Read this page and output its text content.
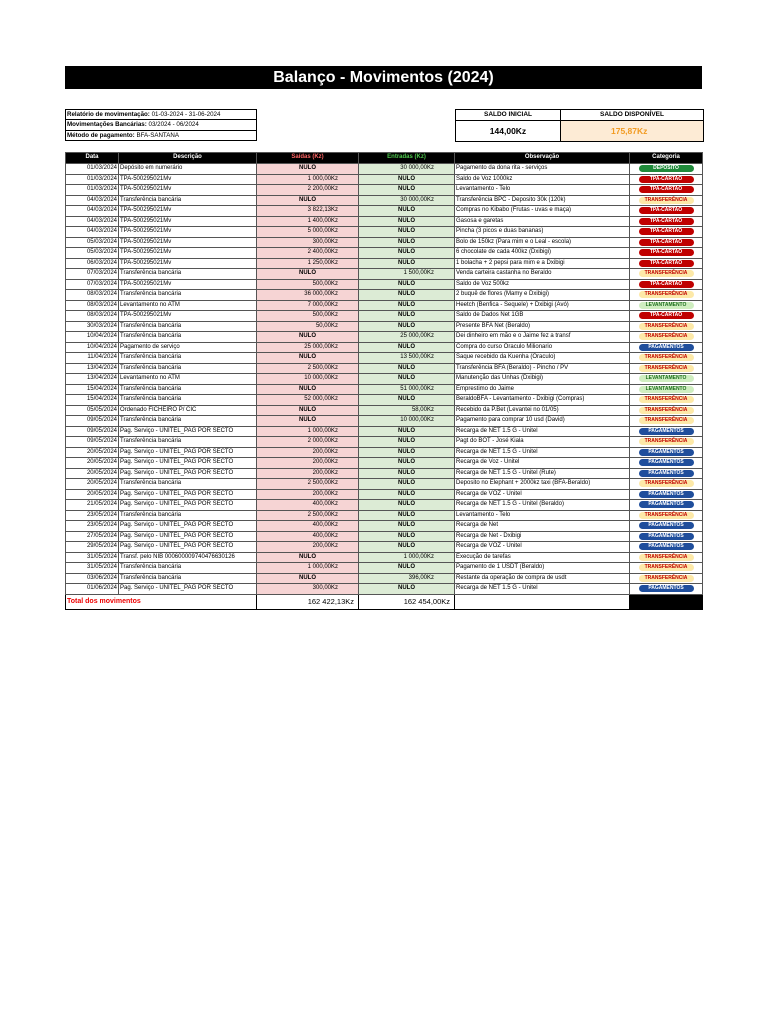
Balanço - Movimentos (2024)
Relatório de movimentação: 01-03-2024 - 31-06-2024
Movimentações Bancárias: 03/2024 - 06/2024
Método de pagamento: BFA-SANTANA
SALDO INICIAL	SALDO DISPONÍVEL
144,00Kz	175,87Kz
Data	Descrição	Saídas (Kz)	Entradas (Kz)	Observação	Categoria
01/03/2024	Depósito em numerário	NULO	30 000,00Kz	Pagamento da dona rita - serviços	DEPOSITO
01/03/2024	TPA-500295021Mv	1 000,00Kz	NULO	Saldo de Voz 1000kz	TPA-CARTAO
01/03/2024	TPA-500295021Mv	2 200,00Kz	NULO	Levantamento - Telo	TPA-CARTAO
04/03/2024	Transferência bancária	NULO	30 000,00Kz	Transferência BPC - Deposito 30k (120k)	TRANSFERÊNCIA
04/03/2024	TPA-500295021Mv	3 822,13Kz	NULO	Compras no Kibabo (Frutas - uvas e maça)	TPA-CARTAO
04/03/2024	TPA-500295021Mv	1 400,00Kz	NULO	Gasosa e garetas	TPA-CARTAO
04/03/2024	TPA-500295021Mv	5 000,00Kz	NULO	Pincha (3 picos e duas bananas)	TPA-CARTAO
05/03/2024	TPA-500295021Mv	300,00Kz	NULO	Bolo de 150kz (Para mim e o Leal - escola)	TPA-CARTAO
05/03/2024	TPA-500295021Mv	2 400,00Kz	NULO	6 chocolate de cada 400kz (Dxibigi)	TPA-CARTAO
06/03/2024	TPA-500295021Mv	1 250,00Kz	NULO	1 bolacha + 2 pepsi para mim e a Dxibigi	TPA-CARTAO
07/03/2024	Transferência bancária	NULO	1 500,00Kz	Venda carteira castanha no Beraldo	TRANSFERÊNCIA
07/03/2024	TPA-500295021Mv	500,00Kz	NULO	Saldo de Voz 500kz	TPA-CARTAO
08/03/2024	Transferência bancária	36 000,00Kz	NULO	2 buquê de flores (Mamy e Dxibigi)	TRANSFERÊNCIA
08/03/2024	Levantamento no ATM	7 000,00Kz	NULO	Heetch (Benfica - Sequele) + Dxibigi (Avó)	LEVANTAMENTO
08/03/2024	TPA-500295021Mv	500,00Kz	NULO	Saldo de Dados Net 1GB	TPA-CARTAO
30/03/2024	Transferência bancária	50,00Kz	NULO	Presente BFA Net (Beraldo)	TRANSFERÊNCIA
10/04/2024	Transferência bancária	NULO	25 000,00Kz	Dei dinheiro em mão e o Jaime fez a transf	TRANSFERÊNCIA
10/04/2024	Pagamento de serviço	25 000,00Kz	NULO	Compra do curso Oraculo Milionario	PAGAMENTOS
11/04/2024	Transferência bancária	NULO	13 500,00Kz	Saque recebido da Kuenha (Oraculo)	TRANSFERÊNCIA
13/04/2024	Transferência bancária	2 500,00Kz	NULO	Transferência BFA (Beraldo) - Pincho / PV	TRANSFERÊNCIA
13/04/2024	Levantamento no ATM	10 000,00Kz	NULO	Manutenção das Unhas (Dxibigi)	LEVANTAMENTO
15/04/2024	Transferência bancária	NULO	51 000,00Kz	Emprestimo do Jaime	LEVANTAMENTO
15/04/2024	Transferência bancária	52 000,00Kz	NULO	BeraldoBFA - Levantamento - Dxibigi (Compras)	TRANSFERÊNCIA
05/05/2024	Ordenado FICHEIRO P/ CIC	NULO	58,00Kz	Recebido da P.Bet (Levantei no 01/05)	TRANSFERÊNCIA
09/05/2024	Transferência bancária	NULO	10 000,00Kz	Pagamento para comprar 10 usd (David)	TRANSFERÊNCIA
09/05/2024	Pag. Serviço - UNITEL_PAG POR SECTO	1 000,00Kz	NULO	Recarga de NET 1.5 G - Unitel	PAGAMENTOS
09/05/2024	Transferência bancária	2 000,00Kz	NULO	Pagt do BOT - José Kiala	TRANSFERÊNCIA
20/05/2024	Pag. Serviço - UNITEL_PAG POR SECTO	200,00Kz	NULO	Recarga de NET 1.5 G - Unitel	PAGAMENTOS
20/05/2024	Pag. Serviço - UNITEL_PAG POR SECTO	200,00Kz	NULO	Recarga de Voz - Unitel	PAGAMENTOS
20/05/2024	Pag. Serviço - UNITEL_PAG POR SECTO	200,00Kz	NULO	Recarga de NET 1.5 G - Unitel (Rute)	PAGAMENTOS
20/05/2024	Transferência bancária	2 500,00Kz	NULO	Deposito no Elephant + 2000kz taxi (BFA-Beraldo)	TRANSFERÊNCIA
20/05/2024	Pag. Serviço - UNITEL_PAG POR SECTO	200,00Kz	NULO	Recarga de VOZ - Unitel	PAGAMENTOS
21/05/2024	Pag. Serviço - UNITEL_PAG POR SECTO	400,00Kz	NULO	Recarga de NET 1.5 G - Unitel (Beraldo)	PAGAMENTOS
23/05/2024	Transferência bancária	2 500,00Kz	NULO	Levantamento - Telo	TRANSFERÊNCIA
23/05/2024	Pag. Serviço - UNITEL_PAG POR SECTO	400,00Kz	NULO	Recarga de Net	PAGAMENTOS
27/05/2024	Pag. Serviço - UNITEL_PAG POR SECTO	400,00Kz	NULO	Recarga de Net - Dxibigi	PAGAMENTOS
29/05/2024	Pag. Serviço - UNITEL_PAG POR SECTO	200,00Kz	NULO	Recarga de VOZ - Unitel	PAGAMENTOS
31/05/2024	Transf. pelo NIB 000600009740476630126	NULO	1 000,00Kz	Execução de tarefas	TRANSFERÊNCIA
31/05/2024	Transferência bancária	1 000,00Kz	NULO	Pagamento de 1 USDT (Beraldo)	TRANSFERÊNCIA
03/06/2024	Transferência bancária	NULO	396,00Kz	Restante da operação de compra de usdt	TRANSFERÊNCIA
01/06/2024	Pag. Serviço - UNITEL_PAG POR SECTO	300,00Kz	NULO	Recarga de NET 1.5 G - Unitel	PAGAMENTOS
Total dos movimentos		162 422,13Kz	162 454,00Kz		
